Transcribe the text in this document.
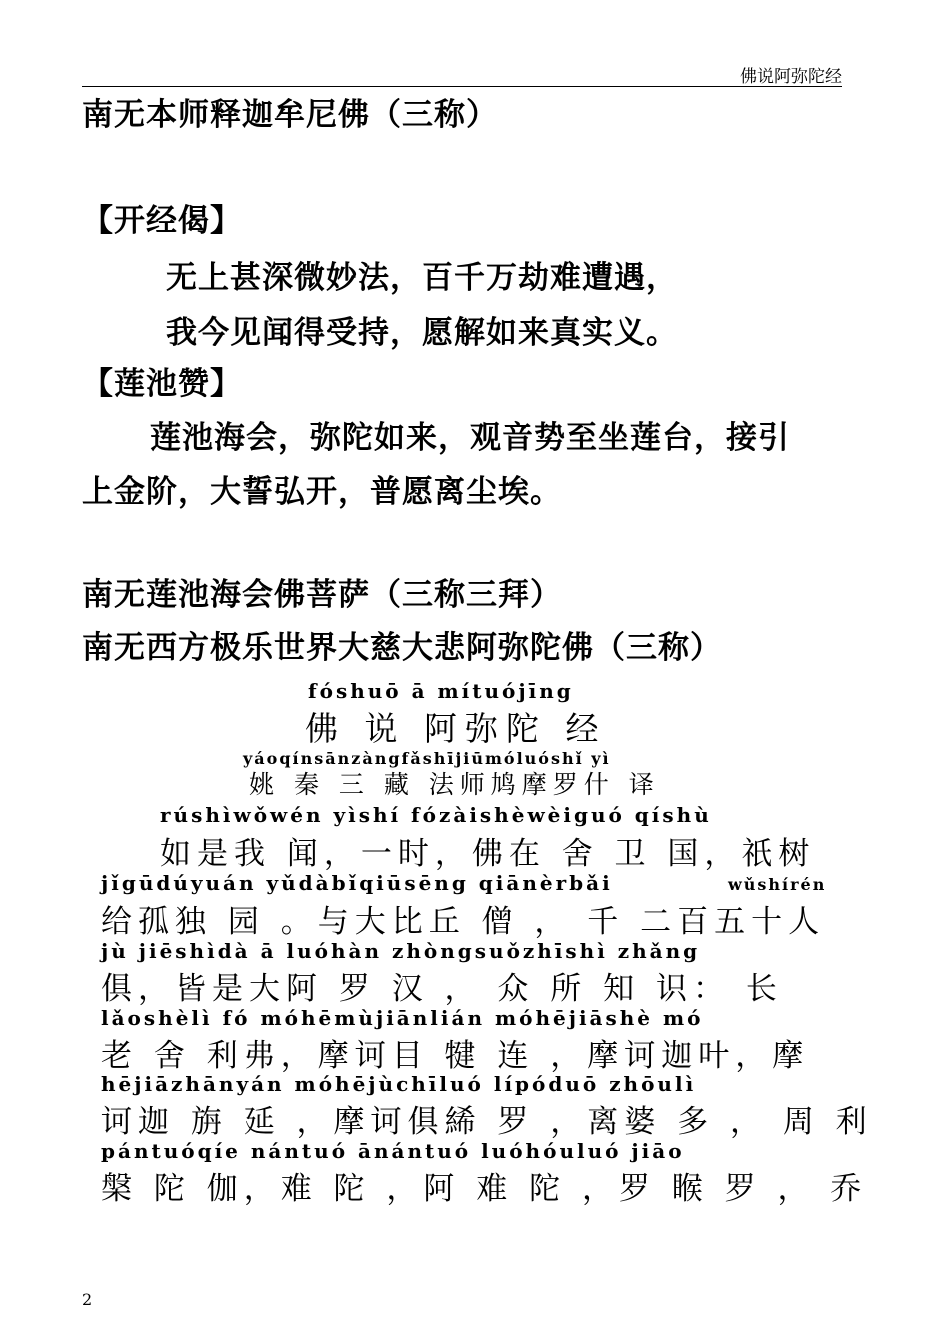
佛说阿弥陀经
南无本师释迦牟尼佛（三称）
【开经偈】
无上甚深微妙法，百千万劫难遭遇，
我今见闻得受持，愿解如来真实义。
【莲池赞】
莲池海会，弥陀如来，观音势至坐莲台，接引
上金阶，大誓弘开，普愿离尘埃。
南无莲池海会佛菩萨（三称三拜）
南无西方极乐世界大慈大悲阿弥陀佛（三称）
fóshuō ā mítuójīng
佛 说 阿弥陀 经
yáoqínsānzàngfǎshījiūmóluóshǐ yì
姚 秦 三 藏 法师鸠摩罗什 译
rúshìwǒwén yìshí fózàishèwèiguó qíshù
如是我 闻，一时，佛在 舍 卫 国，祇树
jǐgūdúyuán yǔdàbǐqiūsēng qiānèrbǎi	wǔshírén
给孤独 园 。与大比丘 僧 ， 千 二百五十人
jù jiēshìdà ā luóhàn zhòngsuǒzhīshì zhǎng
俱，皆是大阿 罗 汉 ， 众 所 知 识： 长
lǎoshèlì fó móhēmùjiānlián móhējiāshè mó
老 舍 利弗，摩诃目 犍 连 ，摩诃迦叶，摩
hējiāzhānyán móhējùchīluó lípóduō zhōulì
诃迦 旃 延 ，摩诃俱絺 罗 ，离婆 多 ， 周 利
pántuóqíe nántuó ānántuó luóhóuluó jiāo
槃 陀 伽，难 陀 ，阿 难 陀 ，罗 睺 罗 ， 乔
2
